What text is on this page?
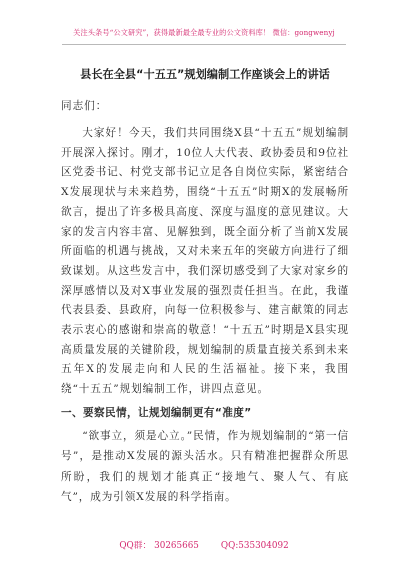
关注头条号“公文研究”，获得最新最全最专业的公文资料库！ 微信：gongwenyj
县长在全县“十五五”规划编制工作座谈会上的讲话
同志们：

大家好！今天，我们共同围绕X县“十五五”规划编制开展深入探讨。刚才，10位人大代表、政协委员和9位社区党委书记、村党支部书记立足各自岗位实际，紧密结合X发展现状与未来趋势，围绕“十五五”时期X的发展畅所欲言，提出了许多极具高度、深度与温度的意见建议。大家的发言内容丰富、见解独到，既全面分析了当前X发展所面临的机遇与挑战，又对未来五年的突破方向进行了细致谋划。从这些发言中，我们深切感受到了大家对家乡的深厚感情以及对X事业发展的强烈责任担当。在此，我谨代表县委、县政府，向每一位积极参与、建言献策的同志表示衷心的感谢和崇高的敬意！“十五五”时期是X县实现高质量发展的关键阶段，规划编制的质量直接关系到未来五年X的发展走向和人民的生活福祉。接下来，我围绕“十五五”规划编制工作，讲四点意见。

一、要察民情，让规划编制更有“准度”

“欲事立，须是心立。”民情，作为规划编制的“第一信号”，是推动X发展的源头活水。只有精准把握群众所思所盼，我们的规划才能真正“接地气、聚人气、有底气”，成为引领X发展的科学指南。

QQ群： 30265665	QQ:535304092
